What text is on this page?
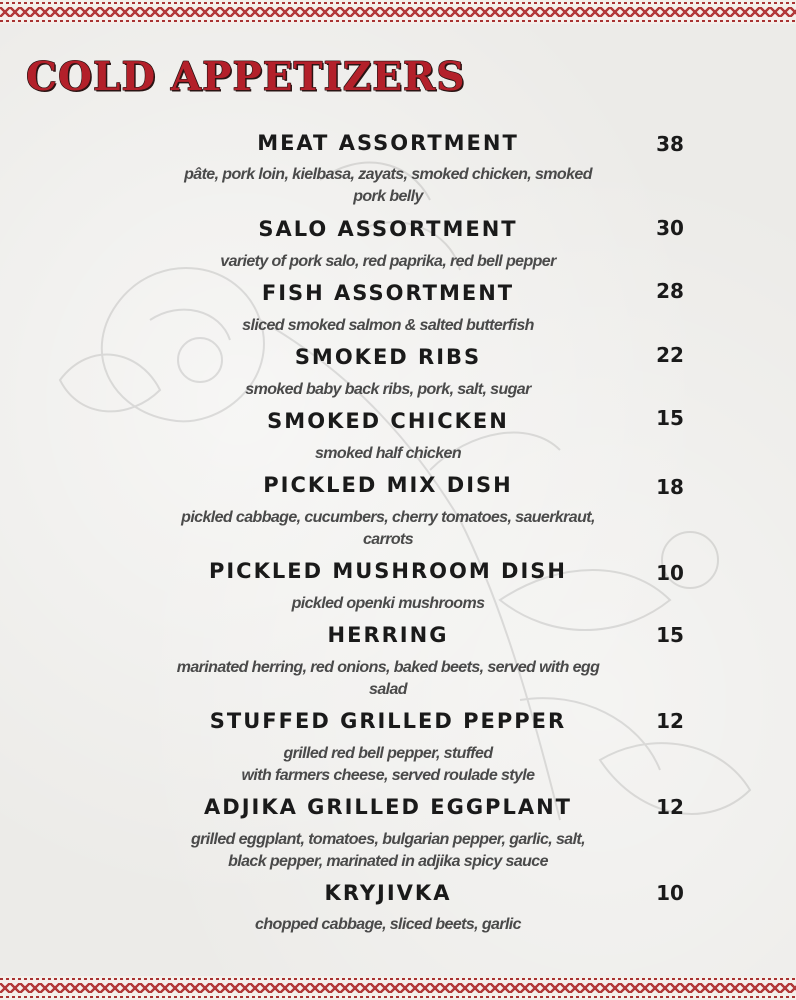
COLD APPETIZERS
MEAT ASSORTMENT	38
pâte, pork loin, kielbasa, zayats, smoked chicken, smoked
pork belly
SALO ASSORTMENT	30
variety of pork salo, red paprika, red bell pepper
FISH ASSORTMENT	28
sliced smoked salmon & salted butterfish
SMOKED RIBS	22
smoked baby back ribs, pork, salt, sugar
SMOKED CHICKEN	15
smoked half chicken
PICKLED MIX DISH	18
pickled cabbage, cucumbers, cherry tomatoes, sauerkraut,
carrots
PICKLED MUSHROOM DISH	10
pickled openki mushrooms
HERRING	15
marinated herring, red onions, baked beets, served with egg
salad
STUFFED GRILLED PEPPER	12
grilled red bell pepper, stuffed
with farmers cheese, served roulade style
ADJIKA GRILLED EGGPLANT	12
grilled eggplant, tomatoes, bulgarian pepper, garlic, salt,
black pepper, marinated in adjika spicy sauce
KRYJIVKA	10
chopped cabbage, sliced beets, garlic
